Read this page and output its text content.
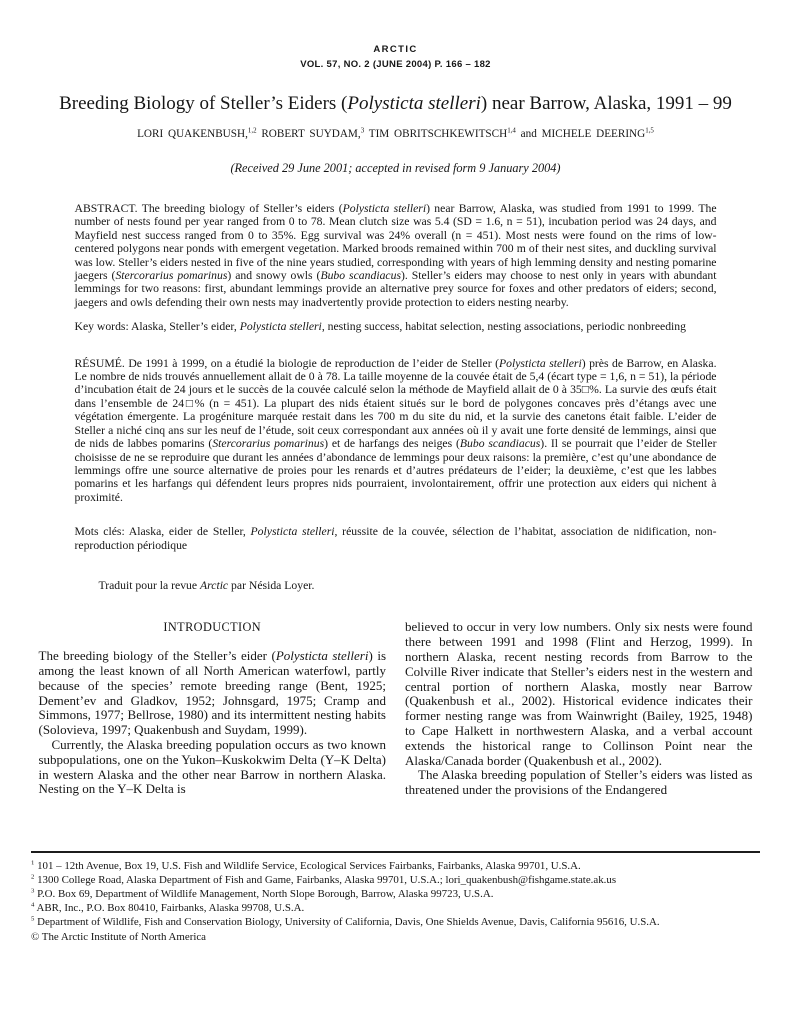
ARCTIC
VOL. 57, NO. 2 (JUNE 2004) P. 166 – 182
Breeding Biology of Steller’s Eiders (Polysticta stelleri) near Barrow, Alaska, 1991 – 99
LORI QUAKENBUSH,$^{1,2}$ ROBERT SUYDAM,$^3$ TIM OBRITSCHKEWITSCH$^{1,4}$ and MICHELE DEERING$^{1,5}$
(Received 29 June 2001; accepted in revised form 9 January 2004)

ABSTRACT. The breeding biology of Steller’s eiders (Polysticta stelleri) near Barrow, Alaska, was studied from 1991 to 1999. The number of nests found per year ranged from 0 to 78. Mean clutch size was 5.4 (SD = 1.6, n = 51), incubation period was 24 days, and Mayfield nest success ranged from 0 to 35%. Egg survival was 24% overall (n = 451). Most nests were found on the rims of low-centered polygons near ponds with emergent vegetation. Marked broods remained within 700 m of their nest sites, and duckling survival was low. Steller’s eiders nested in five of the nine years studied, corresponding with years of high lemming density and nesting pomarine jaegers (Stercorarius pomarinus) and snowy owls (Bubo scandiacus). Steller’s eiders may choose to nest only in years with abundant lemmings for two reasons: first, abundant lemmings provide an alternative prey source for foxes and other predators of eiders; second, jaegers and owls defending their own nests may inadvertently provide protection to eiders nesting nearby.

Key words: Alaska, Steller’s eider, Polysticta stelleri, nesting success, habitat selection, nesting associations, periodic nonbreeding

RÉSUMÉ. De 1991 à 1999, on a étudié la biologie de reproduction de l’eider de Steller (Polysticta stelleri) près de Barrow, en Alaska. Le nombre de nids trouvés annuellement allait de 0 à 78. La taille moyenne de la couvée était de 5,4 (écart type = 1,6, n = 51), la période d’incubation était de 24 jours et le succès de la couvée calculé selon la méthode de Mayfield allait de 0 à 35□%. La survie des œufs était dans l’ensemble de 24□% (n = 451). La plupart des nids étaient situés sur le bord de polygones concaves près d’étangs avec une végétation émergente. La progéniture marquée restait dans les 700 m du site du nid, et la survie des canetons était faible. L’eider de Steller a niché cinq ans sur les neuf de l’étude, soit ceux correspondant aux années où il y avait une forte densité de lemmings, ainsi que de nids de labbes pomarins (Stercorarius pomarinus) et de harfangs des neiges (Bubo scandiacus). Il se pourrait que l’eider de Steller choisisse de ne se reproduire que durant les années d’abondance de lemmings pour deux raisons: la première, c’est qu’une abondance de lemmings offre une source alternative de proies pour les renards et d’autres prédateurs de l’eider; la deuxième, c’est que les labbes pomarins et les harfangs qui défendent leurs propres nids pourraient, involontairement, offrir une protection aux eiders qui nichent à proximité.

Mots clés: Alaska, eider de Steller, Polysticta stelleri, réussite de la couvée, sélection de l’habitat, association de nidification, non-reproduction périodique

Traduit pour la revue Arctic par Nésida Loyer.

INTRODUCTION

The breeding biology of the Steller’s eider (Polysticta stelleri) is among the least known of all North American waterfowl, partly because of the species’ remote breeding range (Bent, 1925; Dement’ev and Gladkov, 1952; Johnsgard, 1975; Cramp and Simmons, 1977; Bellrose, 1980) and its intermittent nesting habits (Solovieva, 1997; Quakenbush and Suydam, 1999).

Currently, the Alaska breeding population occurs as two known subpopulations, one on the Yukon–Kuskokwim Delta (Y–K Delta) in western Alaska and the other near Barrow in northern Alaska. Nesting on the Y–K Delta is

believed to occur in very low numbers. Only six nests were found there between 1991 and 1998 (Flint and Herzog, 1999). In northern Alaska, recent nesting records from Barrow to the Colville River indicate that Steller’s eiders nest in the western and central portion of northern Alaska, mostly near Barrow (Quakenbush et al., 2002). Historical evidence indicates their former nesting range was from Wainwright (Bailey, 1925, 1948) to Cape Halkett in northwestern Alaska, and a verbal account extends the historical range to Collinson Point near the Alaska/Canada border (Quakenbush et al., 2002).

The Alaska breeding population of Steller’s eiders was listed as threatened under the provisions of the Endangered

$^1$ 101 – 12th Avenue, Box 19, U.S. Fish and Wildlife Service, Ecological Services Fairbanks, Fairbanks, Alaska 99701, U.S.A.
$^2$ 1300 College Road, Alaska Department of Fish and Game, Fairbanks, Alaska 99701, U.S.A.; lori_quakenbush@fishgame.state.ak.us
$^3$ P.O. Box 69, Department of Wildlife Management, North Slope Borough, Barrow, Alaska 99723, U.S.A.
$^4$ ABR, Inc., P.O. Box 80410, Fairbanks, Alaska 99708, U.S.A.
$^5$ Department of Wildlife, Fish and Conservation Biology, University of California, Davis, One Shields Avenue, Davis, California 95616, U.S.A.
© The Arctic Institute of North America
